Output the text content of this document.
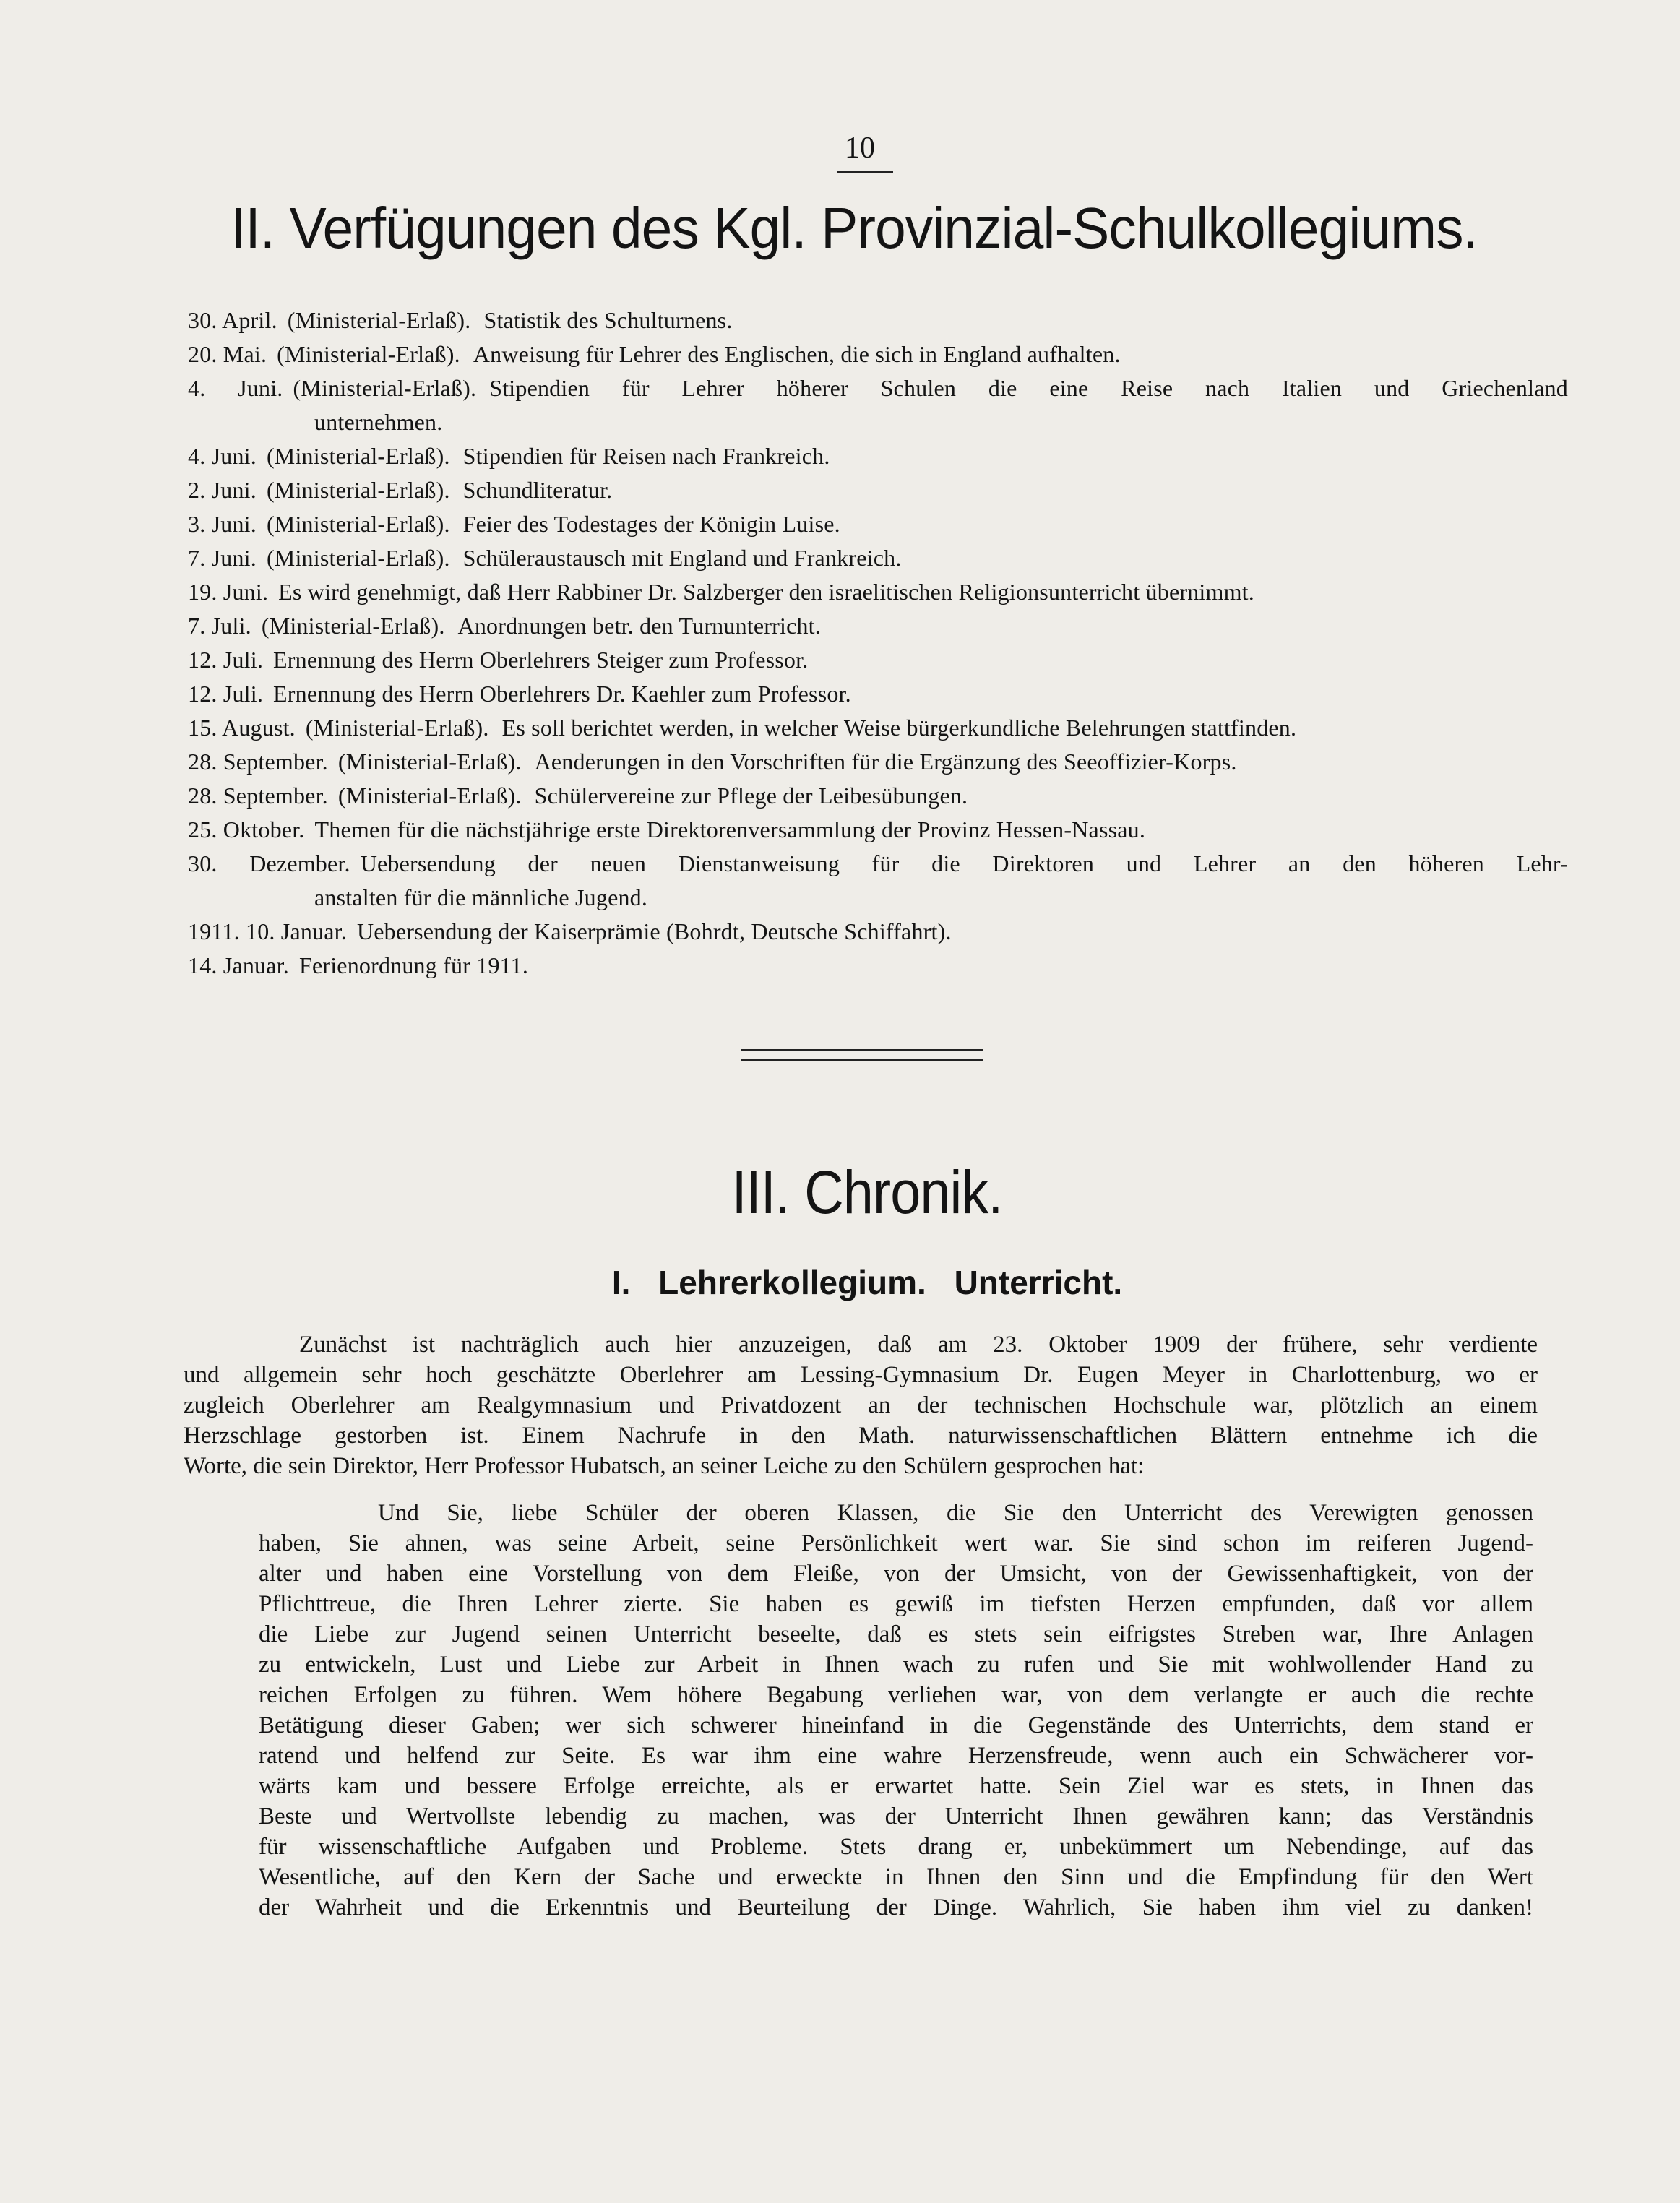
10
II. Verfügungen des Kgl. Provinzial-Schulkollegiums.
30. April. (Ministerial-Erlaß). Statistik des Schulturnens.
20. Mai. (Ministerial-Erlaß). Anweisung für Lehrer des Englischen, die sich in England aufhalten.
4. Juni. (Ministerial-Erlaß). Stipendien für Lehrer höherer Schulen die eine Reise nach Italien und Griechenland
unternehmen.
4. Juni. (Ministerial-Erlaß). Stipendien für Reisen nach Frankreich.
2. Juni. (Ministerial-Erlaß). Schundliteratur.
3. Juni. (Ministerial-Erlaß). Feier des Todestages der Königin Luise.
7. Juni. (Ministerial-Erlaß). Schüleraustausch mit England und Frankreich.
19. Juni. Es wird genehmigt, daß Herr Rabbiner Dr. Salzberger den israelitischen Religionsunterricht übernimmt.
7. Juli. (Ministerial-Erlaß). Anordnungen betr. den Turnunterricht.
12. Juli. Ernennung des Herrn Oberlehrers Steiger zum Professor.
12. Juli. Ernennung des Herrn Oberlehrers Dr. Kaehler zum Professor.
15. August. (Ministerial-Erlaß). Es soll berichtet werden, in welcher Weise bürgerkundliche Belehrungen stattfinden.
28. September. (Ministerial-Erlaß). Aenderungen in den Vorschriften für die Ergänzung des Seeoffizier-Korps.
28. September. (Ministerial-Erlaß). Schülervereine zur Pflege der Leibesübungen.
25. Oktober. Themen für die nächstjährige erste Direktorenversammlung der Provinz Hessen-Nassau.
30. Dezember. Uebersendung der neuen Dienstanweisung für die Direktoren und Lehrer an den höheren Lehr-
anstalten für die männliche Jugend.
1911. 10. Januar. Uebersendung der Kaiserprämie (Bohrdt, Deutsche Schiffahrt).
14. Januar. Ferienordnung für 1911.
III. Chronik.
I. Lehrerkollegium. Unterricht.
Zunächst ist nachträglich auch hier anzuzeigen, daß am 23. Oktober 1909 der frühere, sehr verdiente
und allgemein sehr hoch geschätzte Oberlehrer am Lessing-Gymnasium Dr. Eugen Meyer in Charlottenburg, wo er
zugleich Oberlehrer am Realgymnasium und Privatdozent an der technischen Hochschule war, plötzlich an einem
Herzschlage gestorben ist. Einem Nachrufe in den Math. naturwissenschaftlichen Blättern entnehme ich die
Worte, die sein Direktor, Herr Professor Hubatsch, an seiner Leiche zu den Schülern gesprochen hat:
Und Sie, liebe Schüler der oberen Klassen, die Sie den Unterricht des Verewigten genossen
haben, Sie ahnen, was seine Arbeit, seine Persönlichkeit wert war. Sie sind schon im reiferen Jugend-
alter und haben eine Vorstellung von dem Fleiße, von der Umsicht, von der Gewissenhaftigkeit, von der
Pflichttreue, die Ihren Lehrer zierte. Sie haben es gewiß im tiefsten Herzen empfunden, daß vor allem
die Liebe zur Jugend seinen Unterricht beseelte, daß es stets sein eifrigstes Streben war, Ihre Anlagen
zu entwickeln, Lust und Liebe zur Arbeit in Ihnen wach zu rufen und Sie mit wohlwollender Hand zu
reichen Erfolgen zu führen. Wem höhere Begabung verliehen war, von dem verlangte er auch die rechte
Betätigung dieser Gaben; wer sich schwerer hineinfand in die Gegenstände des Unterrichts, dem stand er
ratend und helfend zur Seite. Es war ihm eine wahre Herzensfreude, wenn auch ein Schwächerer vor-
wärts kam und bessere Erfolge erreichte, als er erwartet hatte. Sein Ziel war es stets, in Ihnen das
Beste und Wertvollste lebendig zu machen, was der Unterricht Ihnen gewähren kann; das Verständnis
für wissenschaftliche Aufgaben und Probleme. Stets drang er, unbekümmert um Nebendinge, auf das
Wesentliche, auf den Kern der Sache und erweckte in Ihnen den Sinn und die Empfindung für den Wert
der Wahrheit und die Erkenntnis und Beurteilung der Dinge. Wahrlich, Sie haben ihm viel zu danken!
